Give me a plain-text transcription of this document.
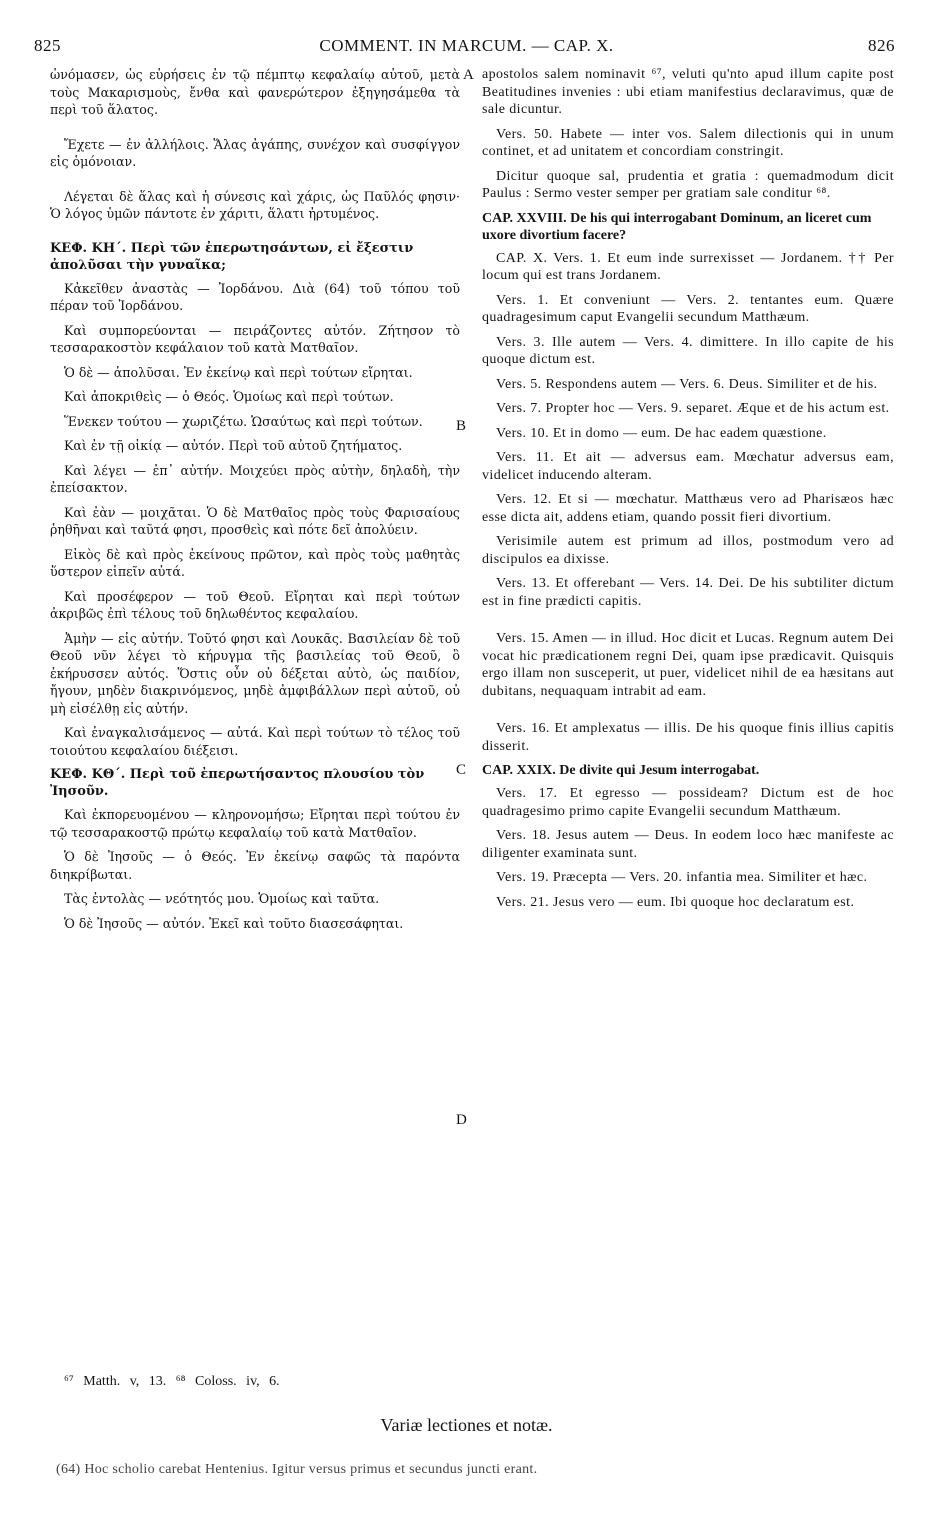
825	COMMENT. IN MARCUM. — CAP. X.	826
A
B
C
D

ὠνόμασεν, ὡς εὑρήσεις ἐν τῷ πέμπτῳ κεφαλαίῳ αὐτοῦ, μετὰ τοὺς Μακαρισμοὺς, ἔνθα καὶ φανερώτερον ἐξηγησάμεθα τὰ περὶ τοῦ ἅλατος.

Ἔχετε — ἐν ἀλλήλοις. Ἅλας ἀγάπης, συνέχον καὶ συσφίγγον εἰς ὁμόνοιαν.

Λέγεται δὲ ἅλας καὶ ἡ σύνεσις καὶ χάρις, ὡς Παῦλός φησιν· Ὁ λόγος ὑμῶν πάντοτε ἐν χάριτι, ἅλατι ἠρτυμένος.

ΚΕΦ. ΚΗ΄. Περὶ τῶν ἐπερωτησάντων, εἰ ἔξεστιν ἀπολῦσαι τὴν γυναῖκα;

Κἀκεῖθεν ἀναστὰς — Ἰορδάνου. Διὰ (64) τοῦ τόπου τοῦ πέραν τοῦ Ἰορδάνου.

Καὶ συμπορεύονται — πειράζοντες αὐτόν. Ζήτησον τὸ τεσσαρακοστὸν κεφάλαιον τοῦ κατὰ Ματθαῖον.

Ὁ δὲ — ἀπολῦσαι. Ἐν ἐκείνῳ καὶ περὶ τούτων εἴρηται.

Καὶ ἀποκριθεὶς — ὁ Θεός. Ὁμοίως καὶ περὶ τούτων.

Ἕνεκεν τούτου — χωριζέτω. Ὡσαύτως καὶ περὶ τούτων.

Καὶ ἐν τῇ οἰκίᾳ — αὐτόν. Περὶ τοῦ αὐτοῦ ζητήματος.

Καὶ λέγει — ἐπ᾽ αὐτήν. Μοιχεύει πρὸς αὐτὴν, δηλαδὴ, τὴν ἐπείσακτον.

Καὶ ἐὰν — μοιχᾶται. Ὁ δὲ Ματθαῖος πρὸς τοὺς Φαρισαίους ῥηθῆναι καὶ ταῦτά φησι, προσθεὶς καὶ πότε δεῖ ἀπολύειν.

Εἰκὸς δὲ καὶ πρὸς ἐκείνους πρῶτον, καὶ πρὸς τοὺς μαθητὰς ὕστερον εἰπεῖν αὐτά.

Καὶ προσέφερον — τοῦ Θεοῦ. Εἴρηται καὶ περὶ τούτων ἀκριβῶς ἐπὶ τέλους τοῦ δηλωθέντος κεφαλαίου.

Ἀμὴν — εἰς αὐτήν. Τοῦτό φησι καὶ Λουκᾶς. Βασιλείαν δὲ τοῦ Θεοῦ νῦν λέγει τὸ κήρυγμα τῆς βασιλείας τοῦ Θεοῦ, ὃ ἐκήρυσσεν αὐτός. Ὅστις οὖν οὐ δέξεται αὐτὸ, ὡς παιδίον, ἤγουν, μηδὲν διακρινόμενος, μηδὲ ἀμφιβάλλων περὶ αὐτοῦ, οὐ μὴ εἰσέλθῃ εἰς αὐτήν.

Καὶ ἐναγκαλισάμενος — αὐτά. Καὶ περὶ τούτων τὸ τέλος τοῦ τοιούτου κεφαλαίου διέξεισι.

ΚΕΦ. ΚΘ΄. Περὶ τοῦ ἐπερωτήσαντος πλουσίου τὸν Ἰησοῦν.

Καὶ ἐκπορευομένου — κληρονομήσω; Εἴρηται περὶ τούτου ἐν τῷ τεσσαρακοστῷ πρώτῳ κεφαλαίῳ τοῦ κατὰ Ματθαῖον.

Ὁ δὲ Ἰησοῦς — ὁ Θεός. Ἐν ἐκείνῳ σαφῶς τὰ παρόντα διηκρίβωται.

Τὰς ἐντολὰς — νεότητός μου. Ὁμοίως καὶ ταῦτα.

Ὁ δὲ Ἰησοῦς — αὐτόν. Ἐκεῖ καὶ τοῦτο διασεσάφηται.

apostolos salem nominavit ⁶⁷, veluti qu'nto apud illum capite post Beatitudines invenies : ubi etiam manifestius declaravimus, quæ de sale dicuntur.

Vers. 50. Habete — inter vos. Salem dilectionis qui in unum continet, et ad unitatem et concordiam constringit.

Dicitur quoque sal, prudentia et gratia : quemadmodum dicit Paulus : Sermo vester semper per gratiam sale conditur ⁶⁸.

CAP. XXVIII. De his qui interrogabant Dominum, an liceret cum uxore divortium facere?

CAP. X. Vers. 1. Et eum inde surrexisset — Jordanem. †† Per locum qui est trans Jordanem.

Vers. 1. Et conveniunt — Vers. 2. tentantes eum. Quære quadragesimum caput Evangelii secundum Matthæum.

Vers. 3. Ille autem — Vers. 4. dimittere. In illo capite de his quoque dictum est.

Vers. 5. Respondens autem — Vers. 6. Deus. Similiter et de his.

Vers. 7. Propter hoc — Vers. 9. separet. Æque et de his actum est.

Vers. 10. Et in domo — eum. De hac eadem quæstione.

Vers. 11. Et ait — adversus eam. Mœchatur adversus eam, videlicet inducendo alteram.

Vers. 12. Et si — mœchatur. Matthæus vero ad Pharisæos hæc esse dicta ait, addens etiam, quando possit fieri divortium.

Verisimile autem est primum ad illos, postmodum vero ad discipulos ea dixisse.

Vers. 13. Et offerebant — Vers. 14. Dei. De his subtiliter dictum est in fine prædicti capitis.

Vers. 15. Amen — in illud. Hoc dicit et Lucas. Regnum autem Dei vocat hic prædicationem regni Dei, quam ipse prædicavit. Quisquis ergo illam non susceperit, ut puer, videlicet nihil de ea hæsitans aut dubitans, nequaquam intrabit ad eam.

Vers. 16. Et amplexatus — illis. De his quoque finis illius capitis disserit.

CAP. XXIX. De divite qui Jesum interrogabat.

Vers. 17. Et egresso — possideam? Dictum est de hoc quadragesimo primo capite Evangelii secundum Matthæum.

Vers. 18. Jesus autem — Deus. In eodem loco hæc manifeste ac diligenter examinata sunt.

Vers. 19. Præcepta — Vers. 20. infantia mea. Similiter et hæc.

Vers. 21. Jesus vero — eum. Ibi quoque hoc declaratum est.

⁶⁷ Matth. v, 13. ⁶⁸ Coloss. iv, 6.
Variæ lectiones et notæ.
(64) Hoc scholio carebat Hentenius. Igitur versus primus et secundus juncti erant.
